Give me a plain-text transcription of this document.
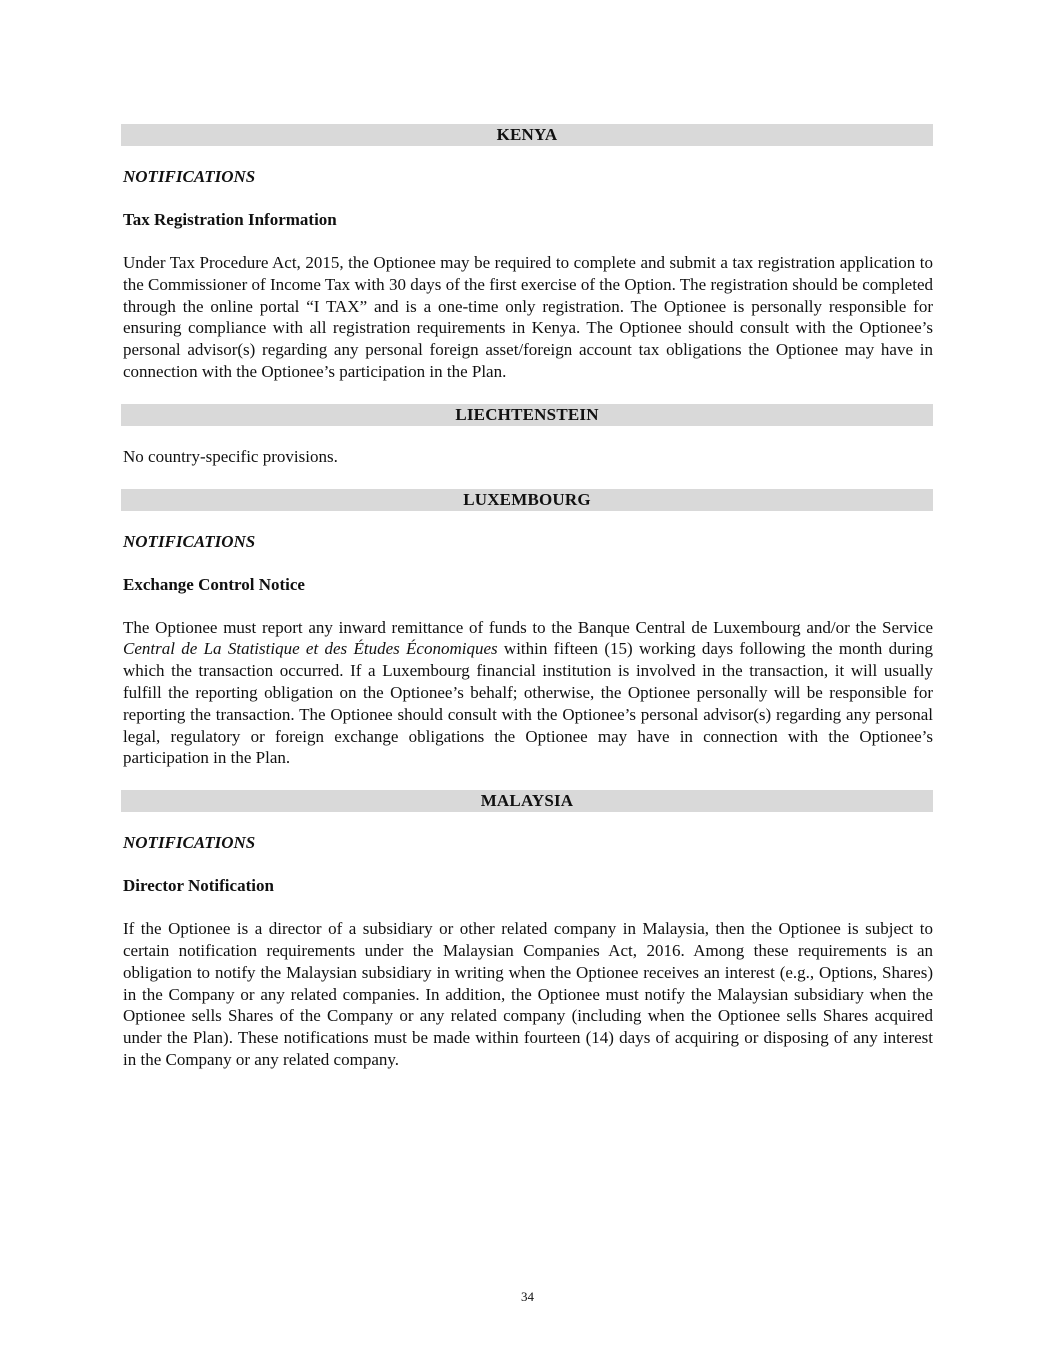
KENYA
NOTIFICATIONS
Tax Registration Information
Under Tax Procedure Act, 2015, the Optionee may be required to complete and submit a tax registration application to the Commissioner of Income Tax with 30 days of the first exercise of the Option. The registration should be completed through the online portal “I TAX” and is a one-time only registration. The Optionee is personally responsible for ensuring compliance with all registration requirements in Kenya. The Optionee should consult with the Optionee’s personal advisor(s) regarding any personal foreign asset/foreign account tax obligations the Optionee may have in connection with the Optionee’s participation in the Plan.
LIECHTENSTEIN
No country-specific provisions.
LUXEMBOURG
NOTIFICATIONS
Exchange Control Notice
The Optionee must report any inward remittance of funds to the Banque Central de Luxembourg and/or the Service Central de La Statistique et des Études Économiques within fifteen (15) working days following the month during which the transaction occurred. If a Luxembourg financial institution is involved in the transaction, it will usually fulfill the reporting obligation on the Optionee’s behalf; otherwise, the Optionee personally will be responsible for reporting the transaction. The Optionee should consult with the Optionee’s personal advisor(s) regarding any personal legal, regulatory or foreign exchange obligations the Optionee may have in connection with the Optionee’s participation in the Plan.
MALAYSIA
NOTIFICATIONS
Director Notification
If the Optionee is a director of a subsidiary or other related company in Malaysia, then the Optionee is subject to certain notification requirements under the Malaysian Companies Act, 2016. Among these requirements is an obligation to notify the Malaysian subsidiary in writing when the Optionee receives an interest (e.g., Options, Shares) in the Company or any related companies. In addition, the Optionee must notify the Malaysian subsidiary when the Optionee sells Shares of the Company or any related company (including when the Optionee sells Shares acquired under the Plan). These notifications must be made within fourteen (14) days of acquiring or disposing of any interest in the Company or any related company.
34
